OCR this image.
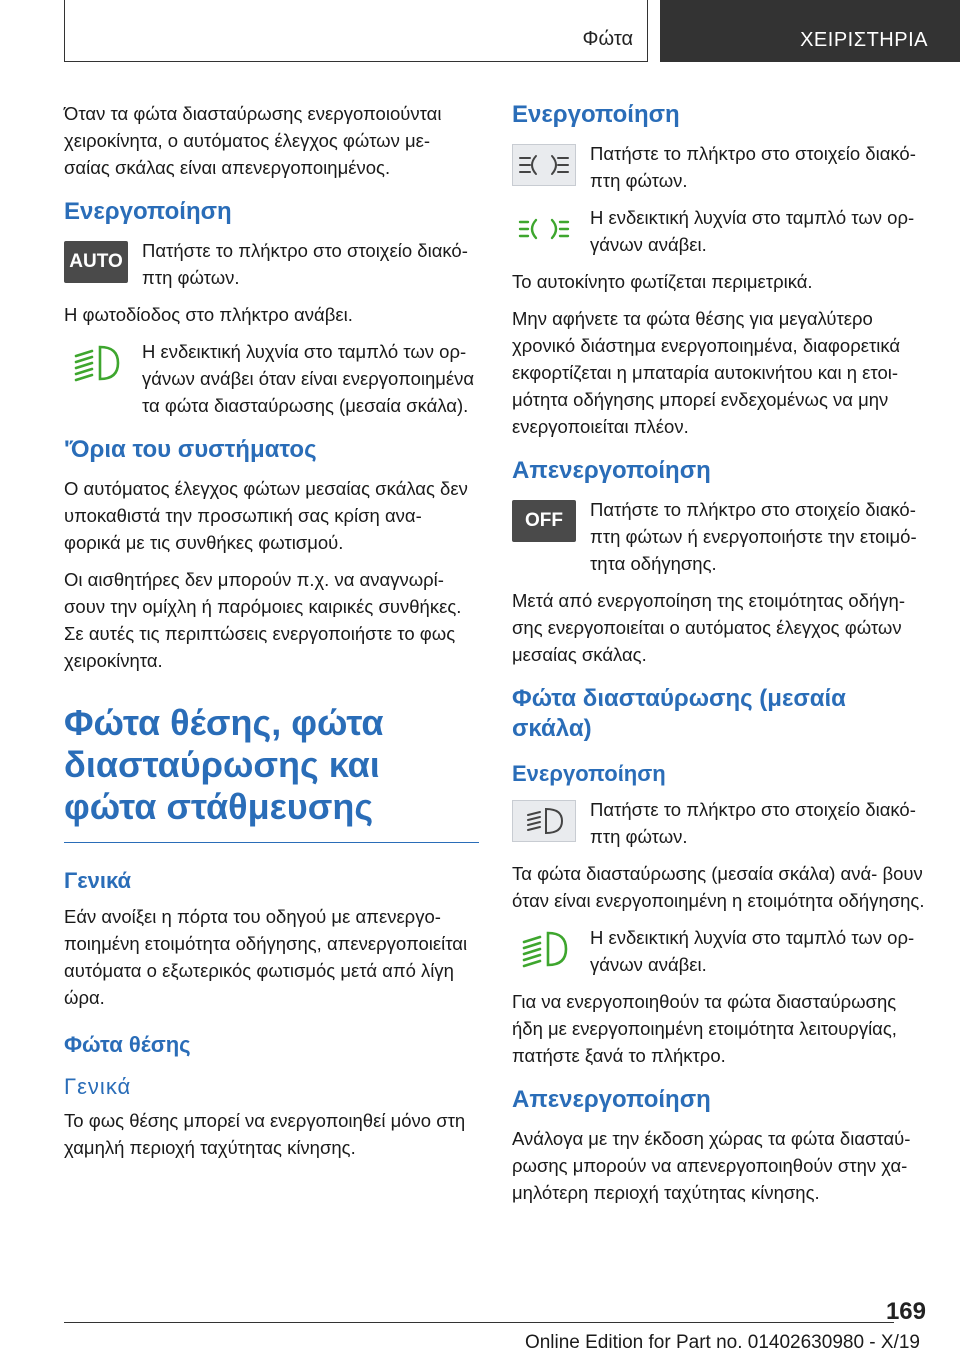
Φώτα	ΧΕΙΡΙΣΤΗΡΙΑ

Όταν τα φώτα διασταύρωσης ενεργοποιούνται χειροκίνητα, ο αυτόματος έλεγχος φώτων με- σαίας σκάλας είναι απενεργοποιημένος.

Ενεργοποίηση
AUTO

Πατήστε το πλήκτρο στο στοιχείο διακό- πτη φώτων.

Η φωτοδίοδος στο πλήκτρο ανάβει.

Η ενδεικτική λυχνία στο ταμπλό των ορ- γάνων ανάβει όταν είναι ενεργοποιημένα τα φώτα διασταύρωσης (μεσαία σκάλα).

'Όρια του συστήματος

Ο αυτόματος έλεγχος φώτων μεσαίας σκάλας δεν υποκαθιστά την προσωπική σας κρίση ανα- φορικά με τις συνθήκες φωτισμού.

Οι αισθητήρες δεν μπορούν π.χ. να αναγνωρί- σουν την ομίχλη ή παρόμοιες καιρικές συνθήκες. Σε αυτές τις περιπτώσεις ενεργοποιήστε το φως χειροκίνητα.

Φώτα θέσης, φώτα διασταύρωσης και φώτα στάθμευσης
Γενικά

Εάν ανοίξει η πόρτα του οδηγού με απενεργο- ποιημένη ετοιμότητα οδήγησης, απενεργοποιείται αυτόματα ο εξωτερικός φωτισμός μετά από λίγη ώρα.

Φώτα θέσης
Γενικά

Το φως θέσης μπορεί να ενεργοποιηθεί μόνο στη χαμηλή περιοχή ταχύτητας κίνησης.

Ενεργοποίηση

Πατήστε το πλήκτρο στο στοιχείο διακό- πτη φώτων.

Η ενδεικτική λυχνία στο ταμπλό των ορ- γάνων ανάβει.

Το αυτοκίνητο φωτίζεται περιμετρικά.

Μην αφήνετε τα φώτα θέσης για μεγαλύτερο χρονικό διάστημα ενεργοποιημένα, διαφορετικά εκφορτίζεται η μπαταρία αυτοκινήτου και η ετοι- μότητα οδήγησης μπορεί ενδεχομένως να μην ενεργοποιείται πλέον.

Απενεργοποίηση
OFF

Πατήστε το πλήκτρο στο στοιχείο διακό- πτη φώτων ή ενεργοποιήστε την ετοιμό- τητα οδήγησης.

Μετά από ενεργοποίηση της ετοιμότητας οδήγη- σης ενεργοποιείται ο αυτόματος έλεγχος φώτων μεσαίας σκάλας.

Φώτα διασταύρωσης (μεσαία σκάλα)
Ενεργοποίηση

Πατήστε το πλήκτρο στο στοιχείο διακό- πτη φώτων.

Τα φώτα διασταύρωσης (μεσαία σκάλα) ανά- βουν όταν είναι ενεργοποιημένη η ετοιμότητα οδήγησης.

Η ενδεικτική λυχνία στο ταμπλό των ορ- γάνων ανάβει.

Για να ενεργοποιηθούν τα φώτα διασταύρωσης ήδη με ενεργοποιημένη ετοιμότητα λειτουργίας, πατήστε ξανά το πλήκτρο.

Απενεργοποίηση

Ανάλογα με την έκδοση χώρας τα φώτα διασταύ- ρωσης μπορούν να απενεργοποιηθούν στην χα- μηλότερη περιοχή ταχύτητας κίνησης.

169
Online Edition for Part no. 01402630980 - X/19
